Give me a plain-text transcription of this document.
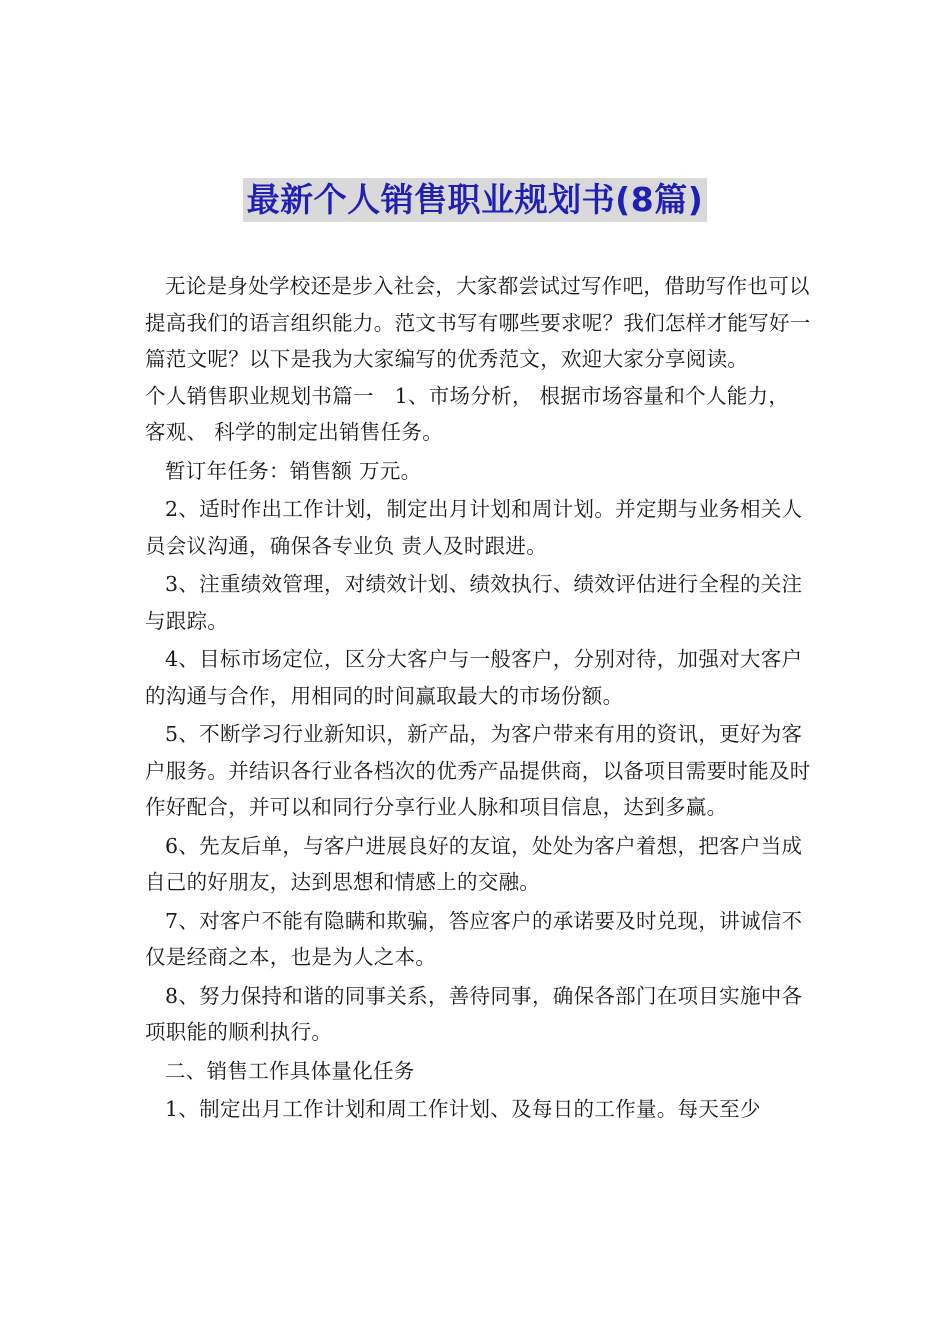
最新个人销售职业规划书(8篇)

无论是身处学校还是步入社会，大家都尝试过写作吧，借助写作也可以提高我们的语言组织能力。范文书写有哪些要求呢？我们怎样才能写好一篇范文呢？以下是我为大家编写的优秀范文，欢迎大家分享阅读。

个人销售职业规划书篇一　1、市场分析， 根据市场容量和个人能力， 客观、 科学的制定出销售任务。

暂订年任务：销售额 万元。

2、适时作出工作计划，制定出月计划和周计划。并定期与业务相关人员会议沟通，确保各专业负 责人及时跟进。

3、注重绩效管理，对绩效计划、绩效执行、绩效评估进行全程的关注与跟踪。

4、目标市场定位，区分大客户与一般客户，分别对待，加强对大客户的沟通与合作，用相同的时间赢取最大的市场份额。

5、不断学习行业新知识，新产品，为客户带来有用的资讯，更好为客户服务。并结识各行业各档次的优秀产品提供商，以备项目需要时能及时作好配合，并可以和同行分享行业人脉和项目信息，达到多赢。

6、先友后单，与客户进展良好的友谊，处处为客户着想，把客户当成自己的好朋友，达到思想和情感上的交融。

7、对客户不能有隐瞒和欺骗，答应客户的承诺要及时兑现，讲诚信不仅是经商之本，也是为人之本。

8、努力保持和谐的同事关系，善待同事，确保各部门在项目实施中各项职能的顺利执行。

二、销售工作具体量化任务

1、制定出月工作计划和周工作计划、及每日的工作量。每天至少
